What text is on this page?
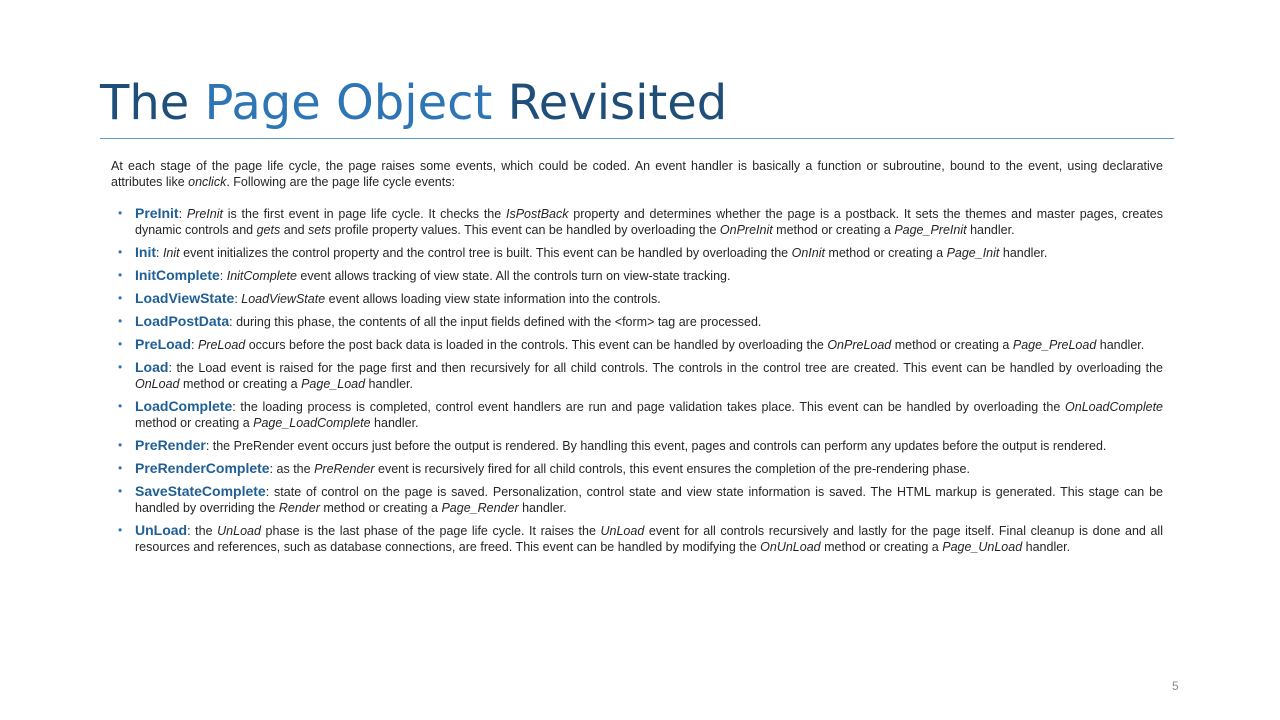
The Page Object Revisited

At each stage of the page life cycle, the page raises some events, which could be coded. An event handler is basically a function or subroutine, bound to the event, using declarative attributes like onclick. Following are the page life cycle events:

• PreInit: PreInit is the first event in page life cycle. It checks the IsPostBack property and determines whether the page is a postback. It sets the themes and master pages, creates dynamic controls and gets and sets profile property values. This event can be handled by overloading the OnPreInit method or creating a Page_PreInit handler.
• Init: Init event initializes the control property and the control tree is built. This event can be handled by overloading the OnInit method or creating a Page_Init handler.
• InitComplete: InitComplete event allows tracking of view state. All the controls turn on view-state tracking.
• LoadViewState: LoadViewState event allows loading view state information into the controls.
• LoadPostData: during this phase, the contents of all the input fields defined with the <form> tag are processed.
• PreLoad: PreLoad occurs before the post back data is loaded in the controls. This event can be handled by overloading the OnPreLoad method or creating a Page_PreLoad handler.
• Load: the Load event is raised for the page first and then recursively for all child controls. The controls in the control tree are created. This event can be handled by overloading the OnLoad method or creating a Page_Load handler.
• LoadComplete: the loading process is completed, control event handlers are run and page validation takes place. This event can be handled by overloading the OnLoadComplete method or creating a Page_LoadComplete handler.
• PreRender: the PreRender event occurs just before the output is rendered. By handling this event, pages and controls can perform any updates before the output is rendered.
• PreRenderComplete: as the PreRender event is recursively fired for all child controls, this event ensures the completion of the pre-rendering phase.
• SaveStateComplete: state of control on the page is saved. Personalization, control state and view state information is saved. The HTML markup is generated. This stage can be handled by overriding the Render method or creating a Page_Render handler.
• UnLoad: the UnLoad phase is the last phase of the page life cycle. It raises the UnLoad event for all controls recursively and lastly for the page itself. Final cleanup is done and all resources and references, such as database connections, are freed. This event can be handled by modifying the OnUnLoad method or creating a Page_UnLoad handler.
5
